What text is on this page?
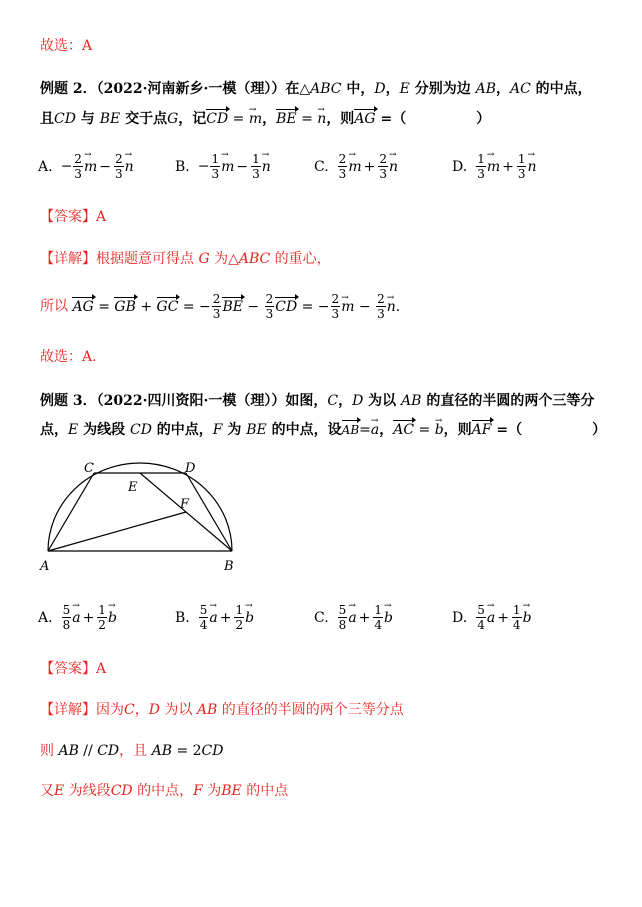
故选：A
例题 2．（2022·河南新乡·一模（理））在△ABC 中，D，E 分别为边 AB，AC 的中点，
且CD 与 BE 交于点G，记CD = → m，BE = → n，则AG =（　　　　　）
A. − $\frac{2}{3}$
→ $m - \frac{2}{3}$
→ n	B. − $\frac{1}{3}$
→ $m - \frac{1}{3}$
→ n	C. $\frac{2}{3}$
→ $m + \frac{2}{3}$
→ n	D. $\frac{1}{3}$
→ $m + \frac{1}{3}$
→ n
【答案】A
【详解】根据题意可得点 G 为△ABC 的重心，
所以 AG = GB + GC = − $\frac{2}{3}$ BE − $\frac{2}{3}$ CD = − $\frac{2}{3}$
→ $m - \frac{2}{3}$
→ n.
故选：A.
例题 3．（2022·四川资阳·一模（理））如图，C，D 为以 AB 的直径的半圆的两个三等分
点，E 为线段 CD 的中点，F 为 BE 的中点，设AB=→ a，AC = → b，则AF =（　　　　　）
C	D
E
F
A	B
A. $\frac{5}{8}$
→ $a + \frac{1}{2}$
→ b	B. $\frac{5}{4}$
→ $a + \frac{1}{2}$
→ b	C. $\frac{5}{8}$
→ $a + \frac{1}{4}$
→ b	D. $\frac{5}{4}$
→ $a + \frac{1}{4}$
→ b
【答案】A
【详解】因为C，D 为以 AB 的直径的半圆的两个三等分点
则 AB // CD，且 AB = 2CD
又E 为线段CD 的中点，F 为BE 的中点
